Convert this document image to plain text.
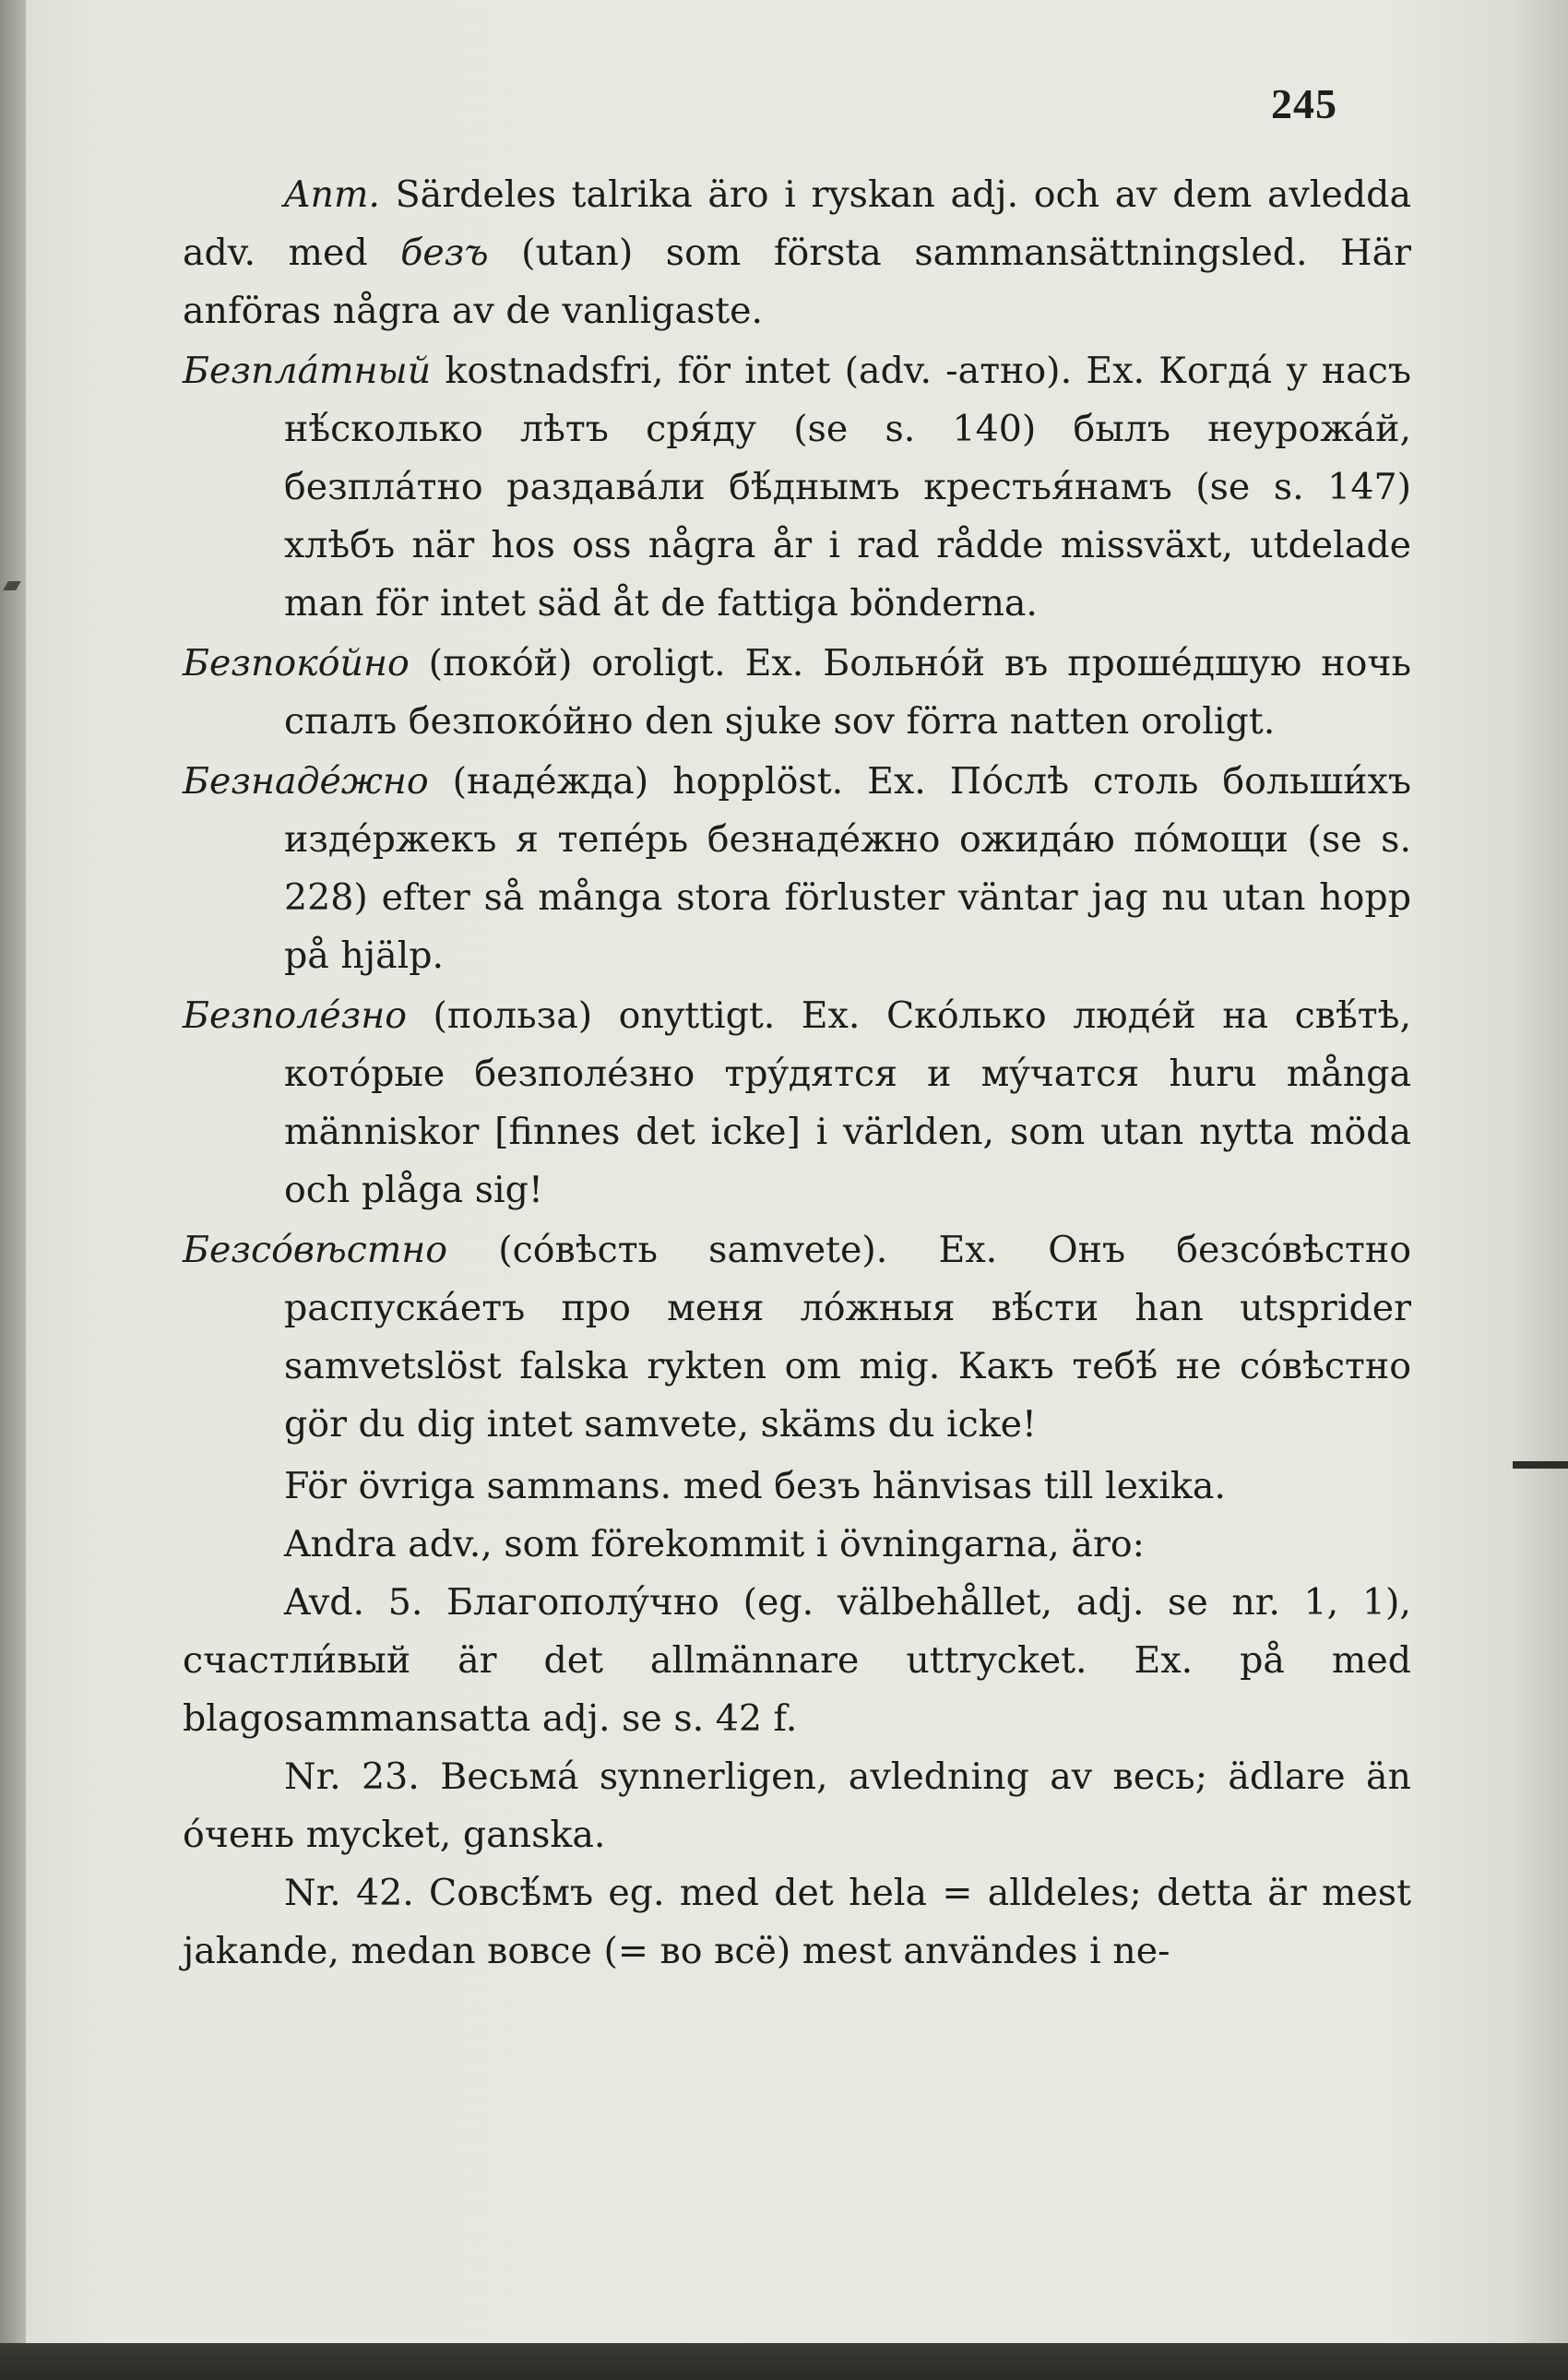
245

Anm. Särdeles talrika äro i ryskan adj. och av dem avledda adv. med безъ (utan) som första sammansättningsled. Här anföras några av de vanligaste.

Безплáтный kostnadsfri, för intet (adv. -атно). Ex. Когдá у насъ нѣ́сколько лѣтъ сря́ду (se s. 140) былъ неурожáй, безплáтно раздавáли бѣ́днымъ крестья́намъ (se s. 147) хлѣбъ när hos oss några år i rad rådde missväxt, utdelade man för intet säd åt de fattiga bönderna.

Безпокóйно (покóй) oroligt. Ex. Больнóй въ прошéдшую ночь спалъ безпокóйно den sjuke sov förra natten oroligt.

Безнадéжно (надéжда) hopplöst. Ex. Пóслѣ столь больши́хъ издéржекъ я тепéрь безнадéжно ожидáю пóмощи (se s. 228) efter så många stora förluster väntar jag nu utan hopp på hjälp.

Безполéзно (польза) onyttigt. Ex. Скóлько людéй на свѣ́тѣ, котóрые безполéзно трýдятся и мýчатся huru många människor [finnes det icke] i världen, som utan nytta möda och plåga sig!

Безсóвѣстно (сóвѣсть samvete). Ex. Онъ безсóвѣстно распускáетъ про меня лóжныя вѣ́сти han utsprider samvetslöst falska rykten om mig. Какъ тебѣ́ не сóвѣстно gör du dig intet samvete, skäms du icke!

För övriga sammans. med безъ hänvisas till lexika.

Andra adv., som förekommit i övningarna, äro:

Avd. 5. Благополýчно (eg. välbehållet, adj. se nr. 1, 1), счастли́вый är det allmännare uttrycket. Ex. på med blagosammansatta adj. se s. 42 f.

Nr. 23. Весьмá synnerligen, avledning av весь; ädlare än óчень mycket, ganska.

Nr. 42. Совсѣ́мъ eg. med det hela = alldeles; detta är mest jakande, medan вовсе (= во всё) mest användes i ne-
